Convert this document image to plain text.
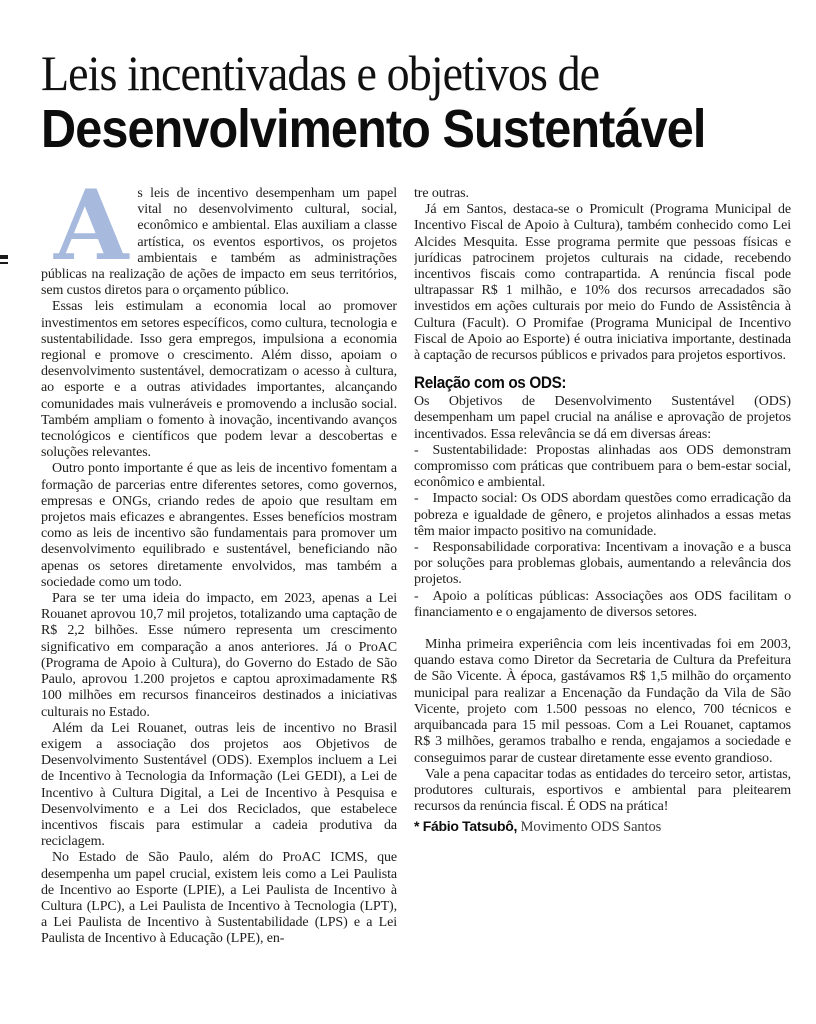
Leis incentivadas e objetivos de
Desenvolvimento Sustentável

As leis de incentivo desempenham um papel vital no desenvolvimento cultural, social, econômico e ambiental. Elas auxiliam a classe artística, os eventos esportivos, os projetos ambientais e também as administrações públicas na realização de ações de impacto em seus territórios, sem custos diretos para o orçamento público.

Essas leis estimulam a economia local ao promover investimentos em setores específicos, como cultura, tecnologia e sustentabilidade. Isso gera empregos, impulsiona a economia regional e promove o crescimento. Além disso, apoiam o desenvolvimento sustentável, democratizam o acesso à cultura, ao esporte e a outras atividades importantes, alcançando comunidades mais vulneráveis e promovendo a inclusão social. Também ampliam o fomento à inovação, incentivando avanços tecnológicos e científicos que podem levar a descobertas e soluções relevantes.

Outro ponto importante é que as leis de incentivo fomentam a formação de parcerias entre diferentes setores, como governos, empresas e ONGs, criando redes de apoio que resultam em projetos mais eficazes e abrangentes. Esses benefícios mostram como as leis de incentivo são fundamentais para promover um desenvolvimento equilibrado e sustentável, beneficiando não apenas os setores diretamente envolvidos, mas também a sociedade como um todo.

Para se ter uma ideia do impacto, em 2023, apenas a Lei Rouanet aprovou 10,7 mil projetos, totalizando uma captação de R$ 2,2 bilhões. Esse número representa um crescimento significativo em comparação a anos anteriores. Já o ProAC (Programa de Apoio à Cultura), do Governo do Estado de São Paulo, aprovou 1.200 projetos e captou aproximadamente R$ 100 milhões em recursos financeiros destinados a iniciativas culturais no Estado.

Além da Lei Rouanet, outras leis de incentivo no Brasil exigem a associação dos projetos aos Objetivos de Desenvolvimento Sustentável (ODS). Exemplos incluem a Lei de Incentivo à Tecnologia da Informação (Lei GEDI), a Lei de Incentivo à Cultura Digital, a Lei de Incentivo à Pesquisa e Desenvolvimento e a Lei dos Reciclados, que estabelece incentivos fiscais para estimular a cadeia produtiva da reciclagem.

No Estado de São Paulo, além do ProAC ICMS, que desempenha um papel crucial, existem leis como a Lei Paulista de Incentivo ao Esporte (LPIE), a Lei Paulista de Incentivo à Cultura (LPC), a Lei Paulista de Incentivo à Tecnologia (LPT), a Lei Paulista de Incentivo à Sustentabilidade (LPS) e a Lei Paulista de Incentivo à Educação (LPE), en-

tre outras.

Já em Santos, destaca-se o Promicult (Programa Municipal de Incentivo Fiscal de Apoio à Cultura), também conhecido como Lei Alcides Mesquita. Esse programa permite que pessoas físicas e jurídicas patrocinem projetos culturais na cidade, recebendo incentivos fiscais como contrapartida. A renúncia fiscal pode ultrapassar R$ 1 milhão, e 10% dos recursos arrecadados são investidos em ações culturais por meio do Fundo de Assistência à Cultura (Facult). O Promifae (Programa Municipal de Incentivo Fiscal de Apoio ao Esporte) é outra iniciativa importante, destinada à captação de recursos públicos e privados para projetos esportivos.

Relação com os ODS:

Os Objetivos de Desenvolvimento Sustentável (ODS) desempenham um papel crucial na análise e aprovação de projetos incentivados. Essa relevância se dá em diversas áreas:

- Sustentabilidade: Propostas alinhadas aos ODS demonstram compromisso com práticas que contribuem para o bem-estar social, econômico e ambiental.

- Impacto social: Os ODS abordam questões como erradicação da pobreza e igualdade de gênero, e projetos alinhados a essas metas têm maior impacto positivo na comunidade.

- Responsabilidade corporativa: Incentivam a inovação e a busca por soluções para problemas globais, aumentando a relevância dos projetos.

- Apoio a políticas públicas: Associações aos ODS facilitam o financiamento e o engajamento de diversos setores.

Minha primeira experiência com leis incentivadas foi em 2003, quando estava como Diretor da Secretaria de Cultura da Prefeitura de São Vicente. À época, gastávamos R$ 1,5 milhão do orçamento municipal para realizar a Encenação da Fundação da Vila de São Vicente, projeto com 1.500 pessoas no elenco, 700 técnicos e arquibancada para 15 mil pessoas. Com a Lei Rouanet, captamos R$ 3 milhões, geramos trabalho e renda, engajamos a sociedade e conseguimos parar de custear diretamente esse evento grandioso.

Vale a pena capacitar todas as entidades do terceiro setor, artistas, produtores culturais, esportivos e ambiental para pleitearem recursos da renúncia fiscal. É ODS na prática!

* Fábio Tatsubô, Movimento ODS Santos
